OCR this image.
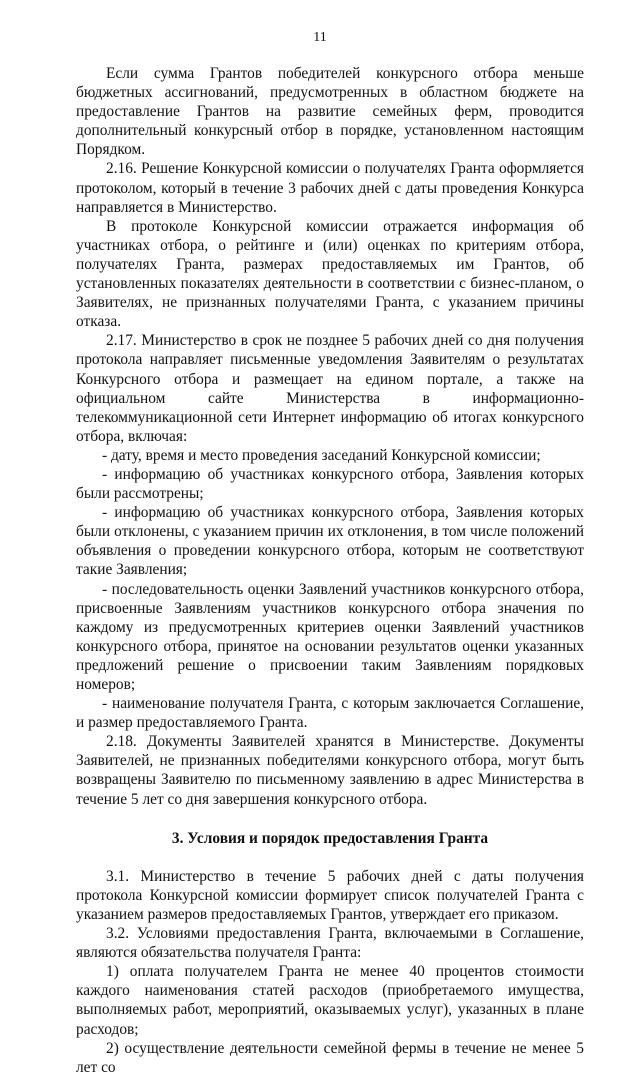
11

Если сумма Грантов победителей конкурсного отбора меньше бюджетных ассигнований, предусмотренных в областном бюджете на предоставление Грантов на развитие семейных ферм, проводится дополнительный конкурсный отбор в порядке, установленном настоящим Порядком.

2.16. Решение Конкурсной комиссии о получателях Гранта оформляется протоколом, который в течение 3 рабочих дней с даты проведения Конкурса направляется в Министерство.

В протоколе Конкурсной комиссии отражается информация об участниках отбора, о рейтинге и (или) оценках по критериям отбора, получателях Гранта, размерах предоставляемых им Грантов, об установленных показателях деятельности в соответствии с бизнес-планом, о Заявителях, не признанных получателями Гранта, с указанием причины отказа.

2.17. Министерство в срок не позднее 5 рабочих дней со дня получения протокола направляет письменные уведомления Заявителям о результатах Конкурсного отбора и размещает на едином портале, а также на официальном сайте Министерства в информационно-телекоммуникационной сети Интернет информацию об итогах конкурсного отбора, включая:

- дату, время и место проведения заседаний Конкурсной комиссии;

- информацию об участниках конкурсного отбора, Заявления которых были рассмотрены;

- информацию об участниках конкурсного отбора, Заявления которых были отклонены, с указанием причин их отклонения, в том числе положений объявления о проведении конкурсного отбора, которым не соответствуют такие Заявления;

- последовательность оценки Заявлений участников конкурсного отбора, присвоенные Заявлениям участников конкурсного отбора значения по каждому из предусмотренных критериев оценки Заявлений участников конкурсного отбора, принятое на основании результатов оценки указанных предложений решение о присвоении таким Заявлениям порядковых номеров;

- наименование получателя Гранта, с которым заключается Соглашение, и размер предоставляемого Гранта.

2.18. Документы Заявителей хранятся в Министерстве. Документы Заявителей, не признанных победителями конкурсного отбора, могут быть возвращены Заявителю по письменному заявлению в адрес Министерства в течение 5 лет со дня завершения конкурсного отбора.

3. Условия и порядок предоставления Гранта

3.1. Министерство в течение 5 рабочих дней с даты получения протокола Конкурсной комиссии формирует список получателей Гранта с указанием размеров предоставляемых Грантов, утверждает его приказом.

3.2. Условиями предоставления Гранта, включаемыми в Соглашение, являются обязательства получателя Гранта:

1) оплата получателем Гранта не менее 40 процентов стоимости каждого наименования статей расходов (приобретаемого имущества, выполняемых работ, мероприятий, оказываемых услуг), указанных в плане расходов;

2) осуществление деятельности семейной фермы в течение не менее 5 лет со
